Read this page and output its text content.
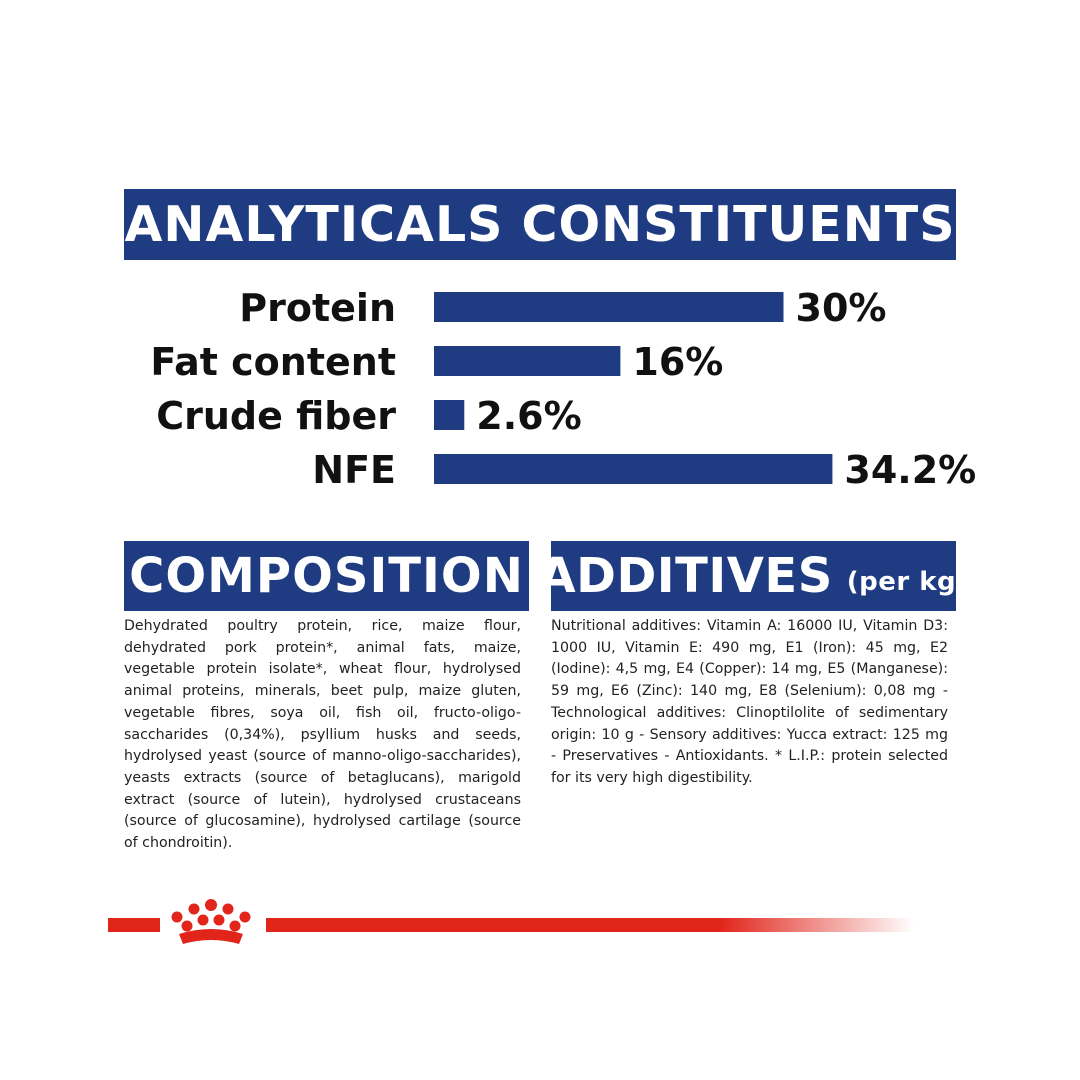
ANALYTICALS CONSTITUENTS
Protein	30%
Fat content	16%
Crude fiber 2.6%
NFE	34.2%
COMPOSITION ADDITIVES (per kg)

Dehydrated poultry protein, rice, maize flour, dehydrated pork protein*, animal fats, maize, vegetable protein isolate*, wheat flour, hydrolysed animal proteins, minerals, beet pulp, maize gluten, vegetable fibres, soya oil, fish oil, fructo-oligo-saccharides (0,34%), psyllium husks and seeds, hydrolysed yeast (source of manno-oligo-saccharides), yeasts extracts (source of betaglucans), marigold extract (source of lutein), hydrolysed crustaceans (source of glucosamine), hydrolysed cartilage (source of chondroitin).

Nutritional additives: Vitamin A: 16000 IU, Vitamin D3: 1000 IU, Vitamin E: 490 mg, E1 (Iron): 45 mg, E2 (Iodine): 4,5 mg, E4 (Copper): 14 mg, E5 (Manganese): 59 mg, E6 (Zinc): 140 mg, E8 (Selenium): 0,08 mg - Technological additives: Clinoptilolite of sedimentary origin: 10 g - Sensory additives: Yucca extract: 125 mg - Preservatives - Antioxidants. * L.I.P.: protein selected for its very high digestibility.
